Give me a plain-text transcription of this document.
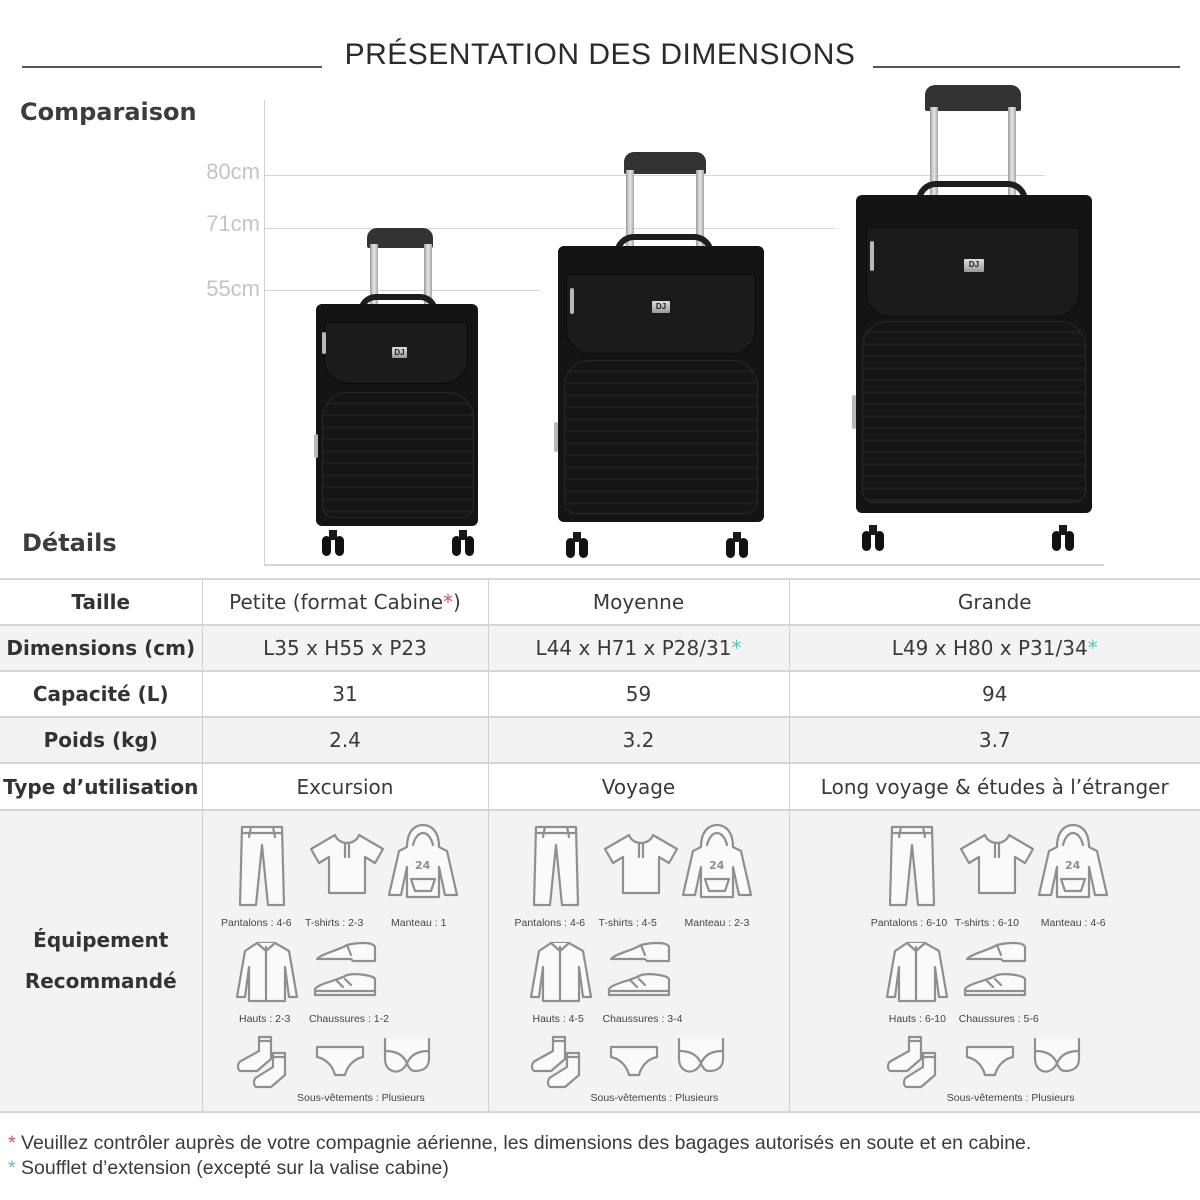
PRÉSENTATION DES DIMENSIONS
Comparaison
80cm
71cm
55cm
DJ
DJ
DJ
Détails
Taille	Petite (format Cabine*)	Moyenne	Grande
Dimensions (cm)	L35 x H55 x P23	L44 x H71 x P28/31*	L49 x H80 x P31/34*
Capacité (L)	31	59	94
Poids (kg)	2.4	3.2	3.7
Type d’utilisation	Excursion	Voyage	Long voyage & études à l’étranger

Équipement
Recommandé

24
Pantalons : 4-6 T-shirts : 2-3	Manteau : 1
Hauts : 2-3 Chaussures : 1-2
Sous-vêtements : Plusieurs

24
Pantalons : 4-6 T-shirts : 4-5	Manteau : 2-3
Hauts : 4-5 Chaussures : 3-4
Sous-vêtements : Plusieurs

24
Pantalons : 6-10 T-shirts : 6-10 Manteau : 4-6
Hauts : 6-10 Chaussures : 5-6
Sous-vêtements : Plusieurs
* Veuillez contrôler auprès de votre compagnie aérienne, les dimensions des bagages autorisés en soute et en cabine.
* Soufflet d’extension (excepté sur la valise cabine)
